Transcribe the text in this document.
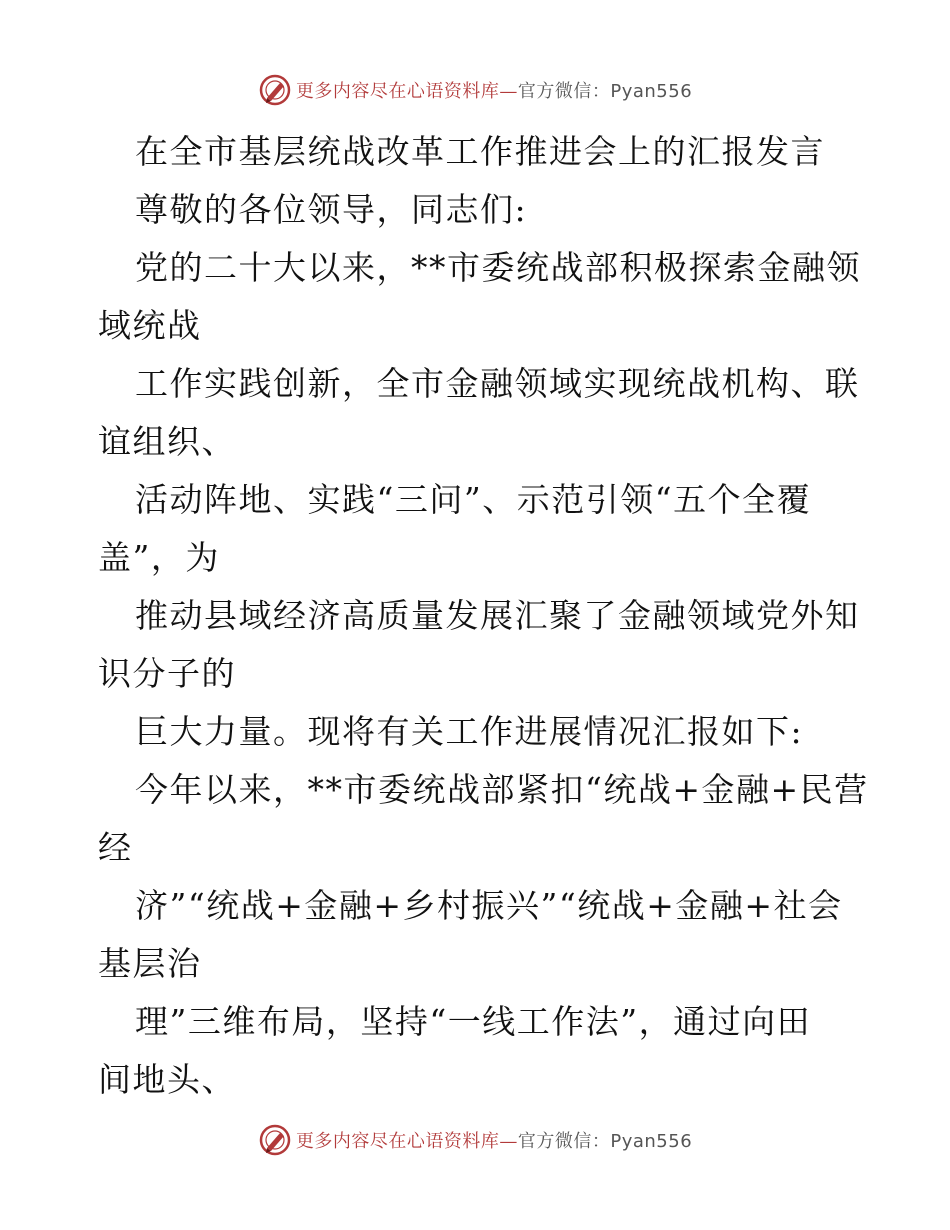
更多内容尽在心语资料库— 官方微信：Pyan556
在全市基层统战改革工作推进会上的汇报发言
尊敬的各位领导，同志们:
党的二十大以来，**市委统战部积极探索金融领
域统战
工作实践创新，全市金融领域实现统战机构、联
谊组织、
活动阵地、实践“三问”、示范引领“五个全覆
盖”，为
推动县域经济高质量发展汇聚了金融领域党外知
识分子的
巨大力量。现将有关工作进展情况汇报如下:
今年以来，**市委统战部紧扣“统战+金融+民营
经
济”“统战+金融+乡村振兴”“统战+金融+社会
基层治
理”三维布局，坚持“一线工作法”，通过向田
间地头、
更多内容尽在心语资料库— 官方微信：Pyan556
